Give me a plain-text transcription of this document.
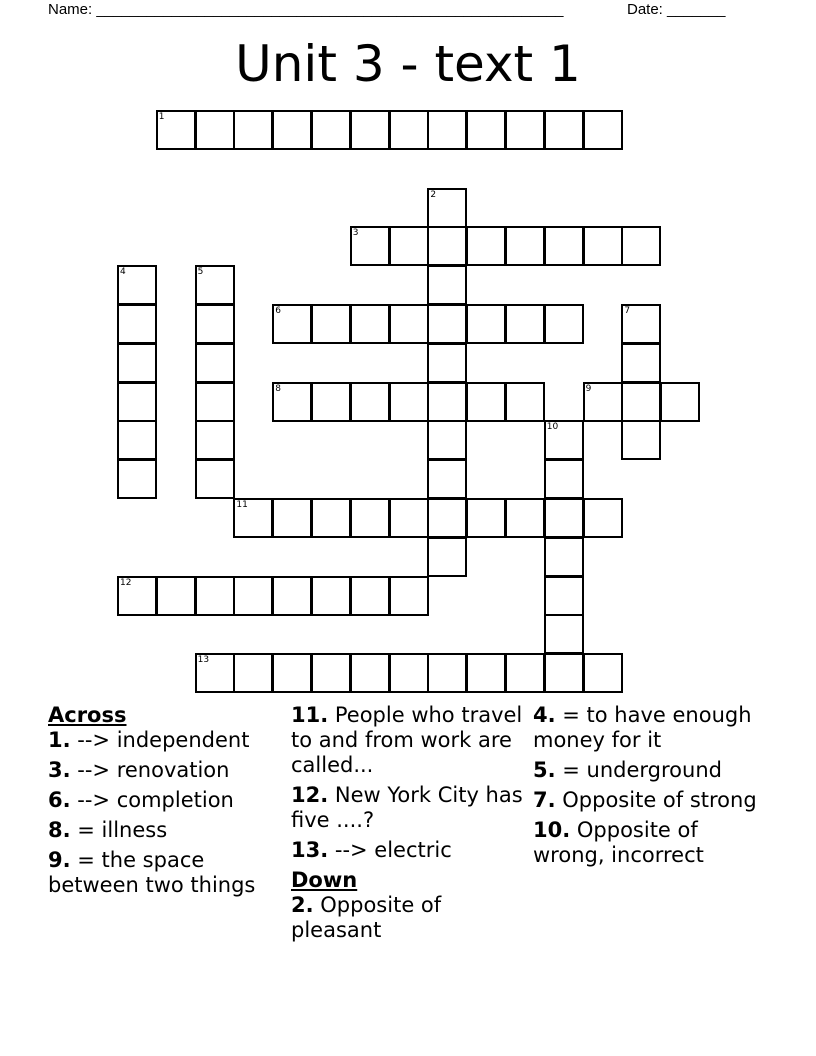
Name: ________________________________________________________	Date: _______
Unit 3 - text 1
1
2
3
4	5
6	7
8	9
10
11
12
13

Across

1. --> independent

3. --> renovation

6. --> completion

8. = illness

9. = the space between two things

11. People who travel to and from work are called...

12. New York City has five ....?

13. --> electric

Down

2. Opposite of pleasant

4. = to have enough money for it

5. = underground

7. Opposite of strong

10. Opposite of wrong, incorrect
